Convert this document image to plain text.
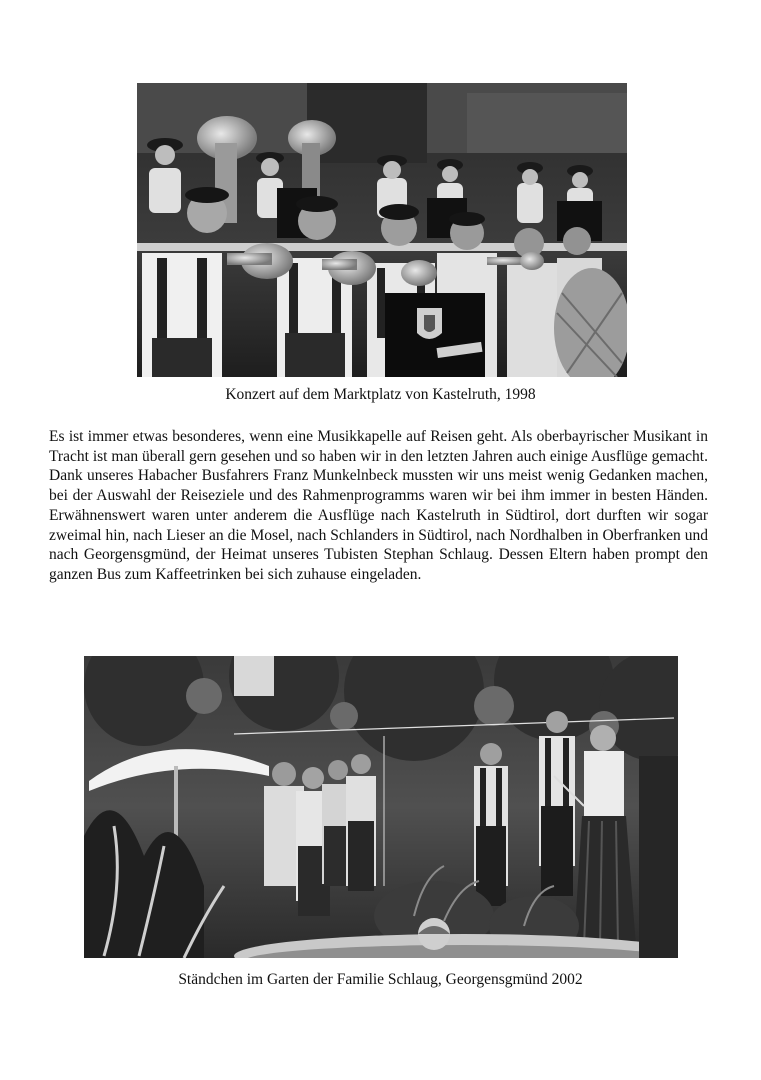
Konzert auf dem Marktplatz von Kastelruth, 1998

Es ist immer etwas besonderes, wenn eine Musikkapelle auf Reisen geht. Als oberbayrischer Musikant in Tracht ist man überall gern gesehen und so haben wir in den letzten Jahren auch einige Ausflüge gemacht. Dank unseres Habacher Busfahrers Franz Munkelnbeck mussten wir uns meist wenig Gedanken machen, bei der Auswahl der Reiseziele und des Rahmenprogramms waren wir bei ihm immer in besten Händen. Erwähnenswert waren unter anderem die Ausflüge nach Kastelruth in Südtirol, dort durften wir sogar zweimal hin, nach Lieser an die Mosel, nach Schlanders in Südtirol, nach Nordhalben in Oberfranken und nach Georgensgmünd, der Heimat unseres Tubisten Stephan Schlaug. Dessen Eltern haben prompt den ganzen Bus zum Kaffeetrinken bei sich zuhause eingeladen.

Ständchen im Garten der Familie Schlaug, Georgensgmünd 2002
